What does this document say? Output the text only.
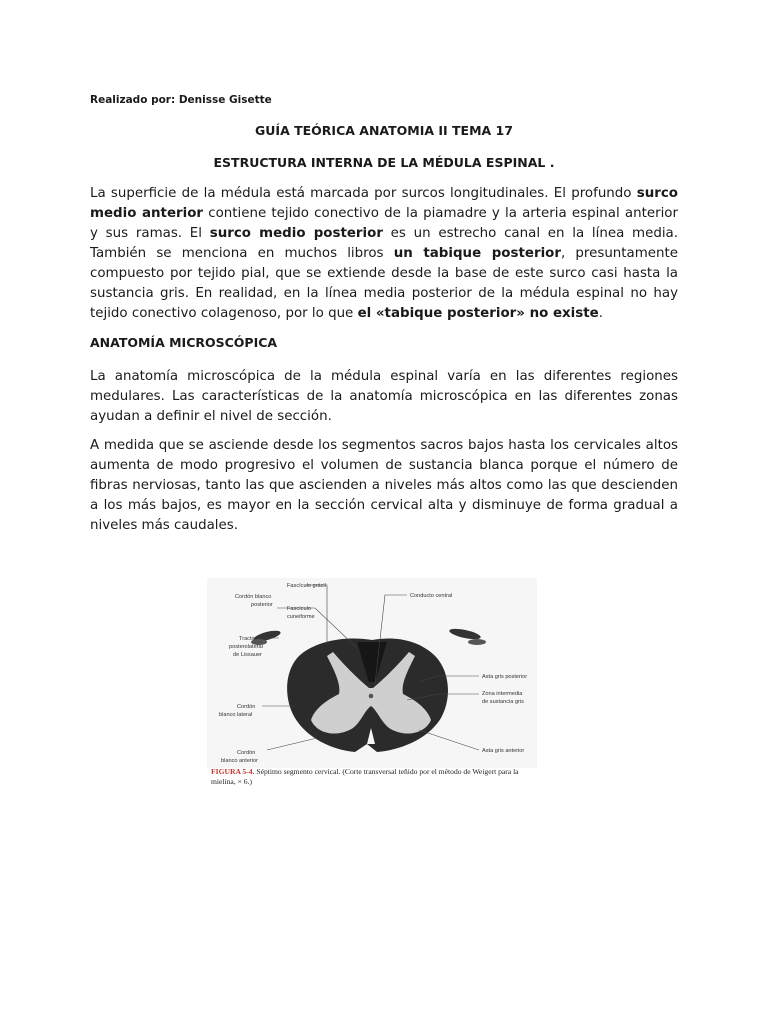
Realizado por: Denisse Gisette
GUÍA TEÓRICA ANATOMIA II TEMA 17
ESTRUCTURA INTERNA DE LA MÉDULA ESPINAL .

La superficie de la médula está marcada por surcos longitudinales. El profundo surco medio anterior contiene tejido conectivo de la piamadre y la arteria espinal anterior y sus ramas. El surco medio posterior es un estrecho canal en la línea media. También se menciona en muchos libros un tabique posterior, presuntamente compuesto por tejido pial, que se extiende desde la base de este surco casi hasta la sustancia gris. En realidad, en la línea media posterior de la médula espinal no hay tejido conectivo colagenoso, por lo que el «tabique posterior» no existe.

ANATOMÍA MICROSCÓPICA

La anatomía microscópica de la médula espinal varía en las diferentes regiones medulares. Las características de la anatomía microscópica en las diferentes zonas ayudan a definir el nivel de sección.

A medida que se asciende desde los segmentos sacros bajos hasta los cervicales altos aumenta de modo progresivo el volumen de sustancia blanca porque el número de fibras nerviosas, tanto las que ascienden a niveles más altos como las que descienden a los más bajos, es mayor en la sección cervical alta y disminuye de forma gradual a niveles más caudales.

Fascículo grácil
Cordón blanco
posterior
Fascículo
cuneiforme
Conducto central
Tracto
posterolateral
de Lissauer
Asta gris posterior
Zona intermedia
de sustancia gris
Cordón
blanco lateral
Cordón
blanco anterior
Asta gris anterior
FIGURA 5-4. Séptimo segmento cervical. (Corte transversal teñido por el método de Weigert para la mielina, × 6.)
